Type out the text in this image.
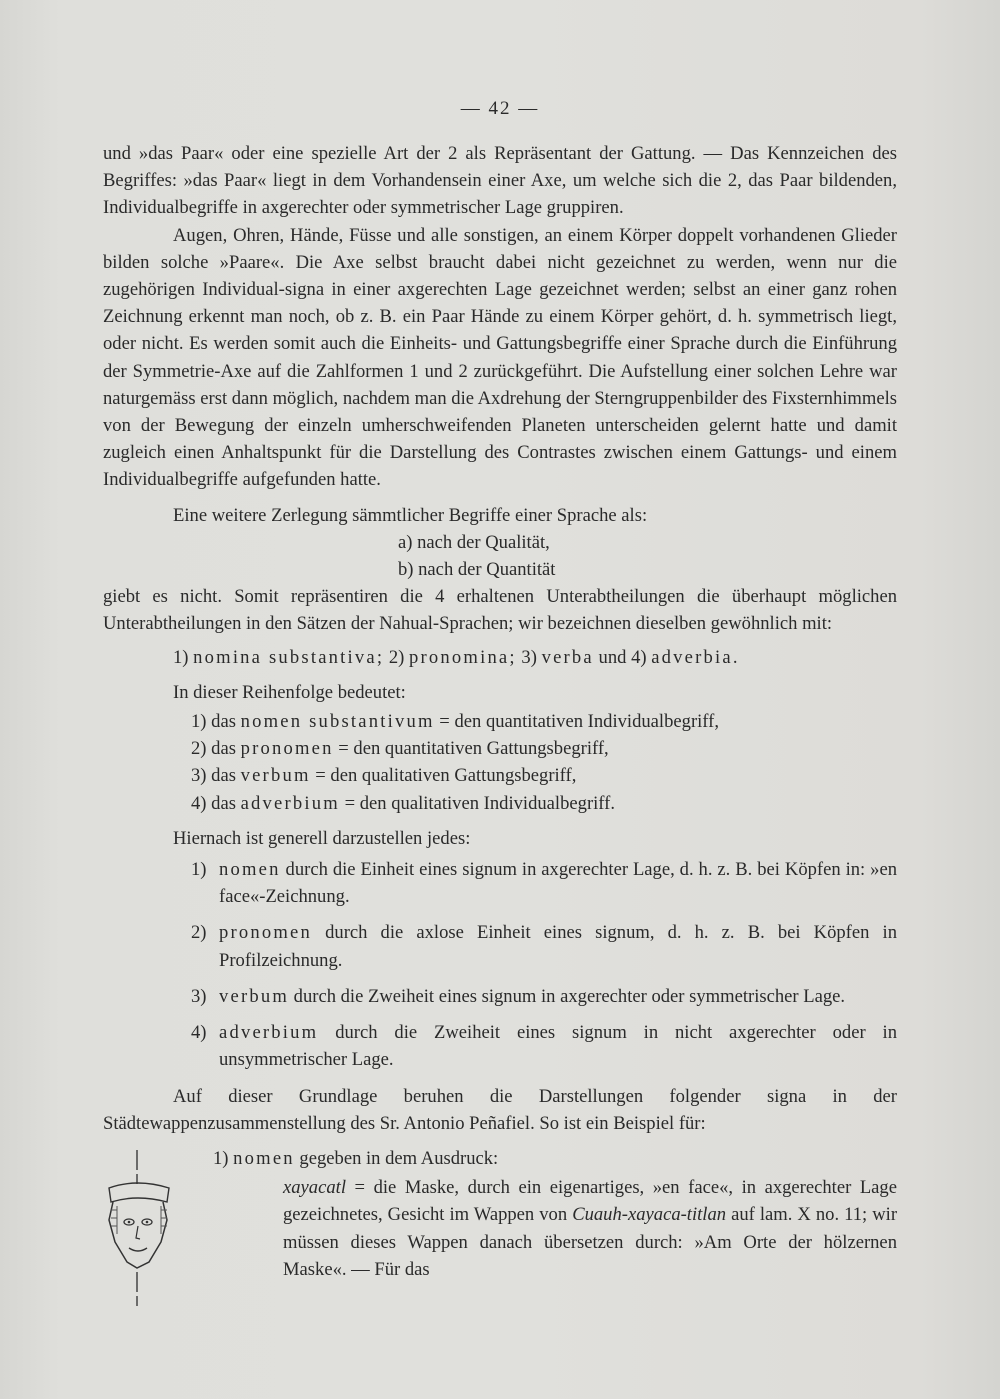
— 42 —

und »das Paar« oder eine spezielle Art der 2 als Repräsentant der Gattung. — Das Kennzeichen des Begriffes: »das Paar« liegt in dem Vorhandensein einer Axe, um welche sich die 2, das Paar bildenden, Individualbegriffe in axgerechter oder symmetrischer Lage gruppiren.

Augen, Ohren, Hände, Füsse und alle sonstigen, an einem Körper doppelt vorhandenen Glieder bilden solche »Paare«. Die Axe selbst braucht dabei nicht gezeichnet zu werden, wenn nur die zugehörigen Individual-signa in einer axgerechten Lage gezeichnet werden; selbst an einer ganz rohen Zeichnung erkennt man noch, ob z. B. ein Paar Hände zu einem Körper gehört, d. h. symmetrisch liegt, oder nicht. Es werden somit auch die Einheits- und Gattungsbegriffe einer Sprache durch die Einführung der Symmetrie-Axe auf die Zahlformen 1 und 2 zurückgeführt. Die Aufstellung einer solchen Lehre war naturgemäss erst dann möglich, nachdem man die Axdrehung der Sterngruppenbilder des Fixsternhimmels von der Bewegung der einzeln umherschweifenden Planeten unterscheiden gelernt hatte und damit zugleich einen Anhaltspunkt für die Darstellung des Contrastes zwischen einem Gattungs- und einem Individualbegriffe aufgefunden hatte.

Eine weitere Zerlegung sämmtlicher Begriffe einer Sprache als:

a) nach der Qualität,

b) nach der Quantität

giebt es nicht. Somit repräsentiren die 4 erhaltenen Unterabtheilungen die überhaupt möglichen Unterabtheilungen in den Sätzen der Nahual-Sprachen; wir bezeichnen dieselben gewöhnlich mit:

1) nomina substantiva; 2) pronomina; 3) verba und 4) adverbia.

In dieser Reihenfolge bedeutet:

1) das nomen substantivum = den quantitativen Individualbegriff,
2) das pronomen = den quantitativen Gattungsbegriff,
3) das verbum = den qualitativen Gattungsbegriff,
4) das adverbium = den qualitativen Individualbegriff.

Hiernach ist generell darzustellen jedes:

1) nomen durch die Einheit eines signum in axgerechter Lage, d. h. z. B. bei Köpfen in: »en face«-Zeichnung.
2) pronomen durch die axlose Einheit eines signum, d. h. z. B. bei Köpfen in Profilzeichnung.
3) verbum durch die Zweiheit eines signum in axgerechter oder symmetrischer Lage.
4) adverbium durch die Zweiheit eines signum in nicht axgerechter oder in unsymmetrischer Lage.

Auf dieser Grundlage beruhen die Darstellungen folgender signa in der Städtewappenzusammenstellung des Sr. Antonio Peñafiel. So ist ein Beispiel für:

1) nomen gegeben in dem Ausdruck:
xayacatl = die Maske, durch ein eigenartiges, »en face«, in axgerechter Lage gezeichnetes, Gesicht im Wappen von Cuauh-xayaca-titlan auf lam. X no. 11; wir müssen dieses Wappen danach übersetzen durch: »Am Orte der hölzernen Maske«. — Für das
